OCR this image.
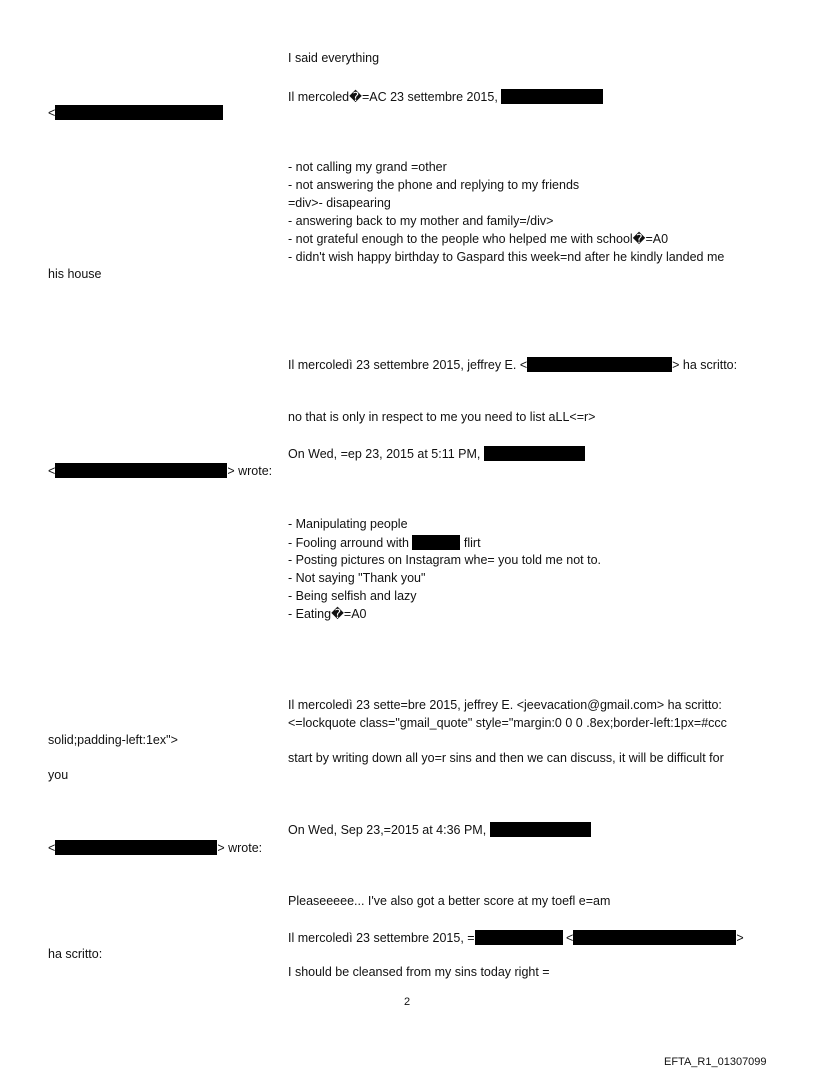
I said everything
Il mercoled�=AC 23 settembre 2015,
<
- not calling my grand =other
- not answering the phone and replying to my friends
=div>- disapearing
- answering back to my mother and family=/div>
- not grateful enough to the people who helped me with school�=A0
- didn't wish happy birthday to Gaspard this week=nd after he kindly landed me
his house
Il mercoledì 23 settembre 2015, jeffrey E. <	> ha scritto:
no that is only in respect to me you need to list aLL<=r>
On Wed, =ep 23, 2015 at 5:11 PM,
<	> wrote:
- Manipulating people
- Fooling arround with	flirt
- Posting pictures on Instagram whe= you told me not to.
- Not saying "Thank you"
- Being selfish and lazy
- Eating�=A0
Il mercoledì 23 sette=bre 2015, jeffrey E. <jeevacation@gmail.com> ha scritto:
<=lockquote class="gmail_quote" style="margin:0 0 0 .8ex;border-left:1px=#ccc
solid;padding-left:1ex">
start by writing down all yo=r sins and then we can discuss, it will be difficult for
you
On Wed, Sep 23,=2015 at 4:36 PM,
<	> wrote:
Pleaseeeee... I've also got a better score at my toefl e=am
Il mercoledì 23 settembre 2015, =	<	>
ha scritto:
I should be cleansed from my sins today right =
2
EFTA_R1_01307099
